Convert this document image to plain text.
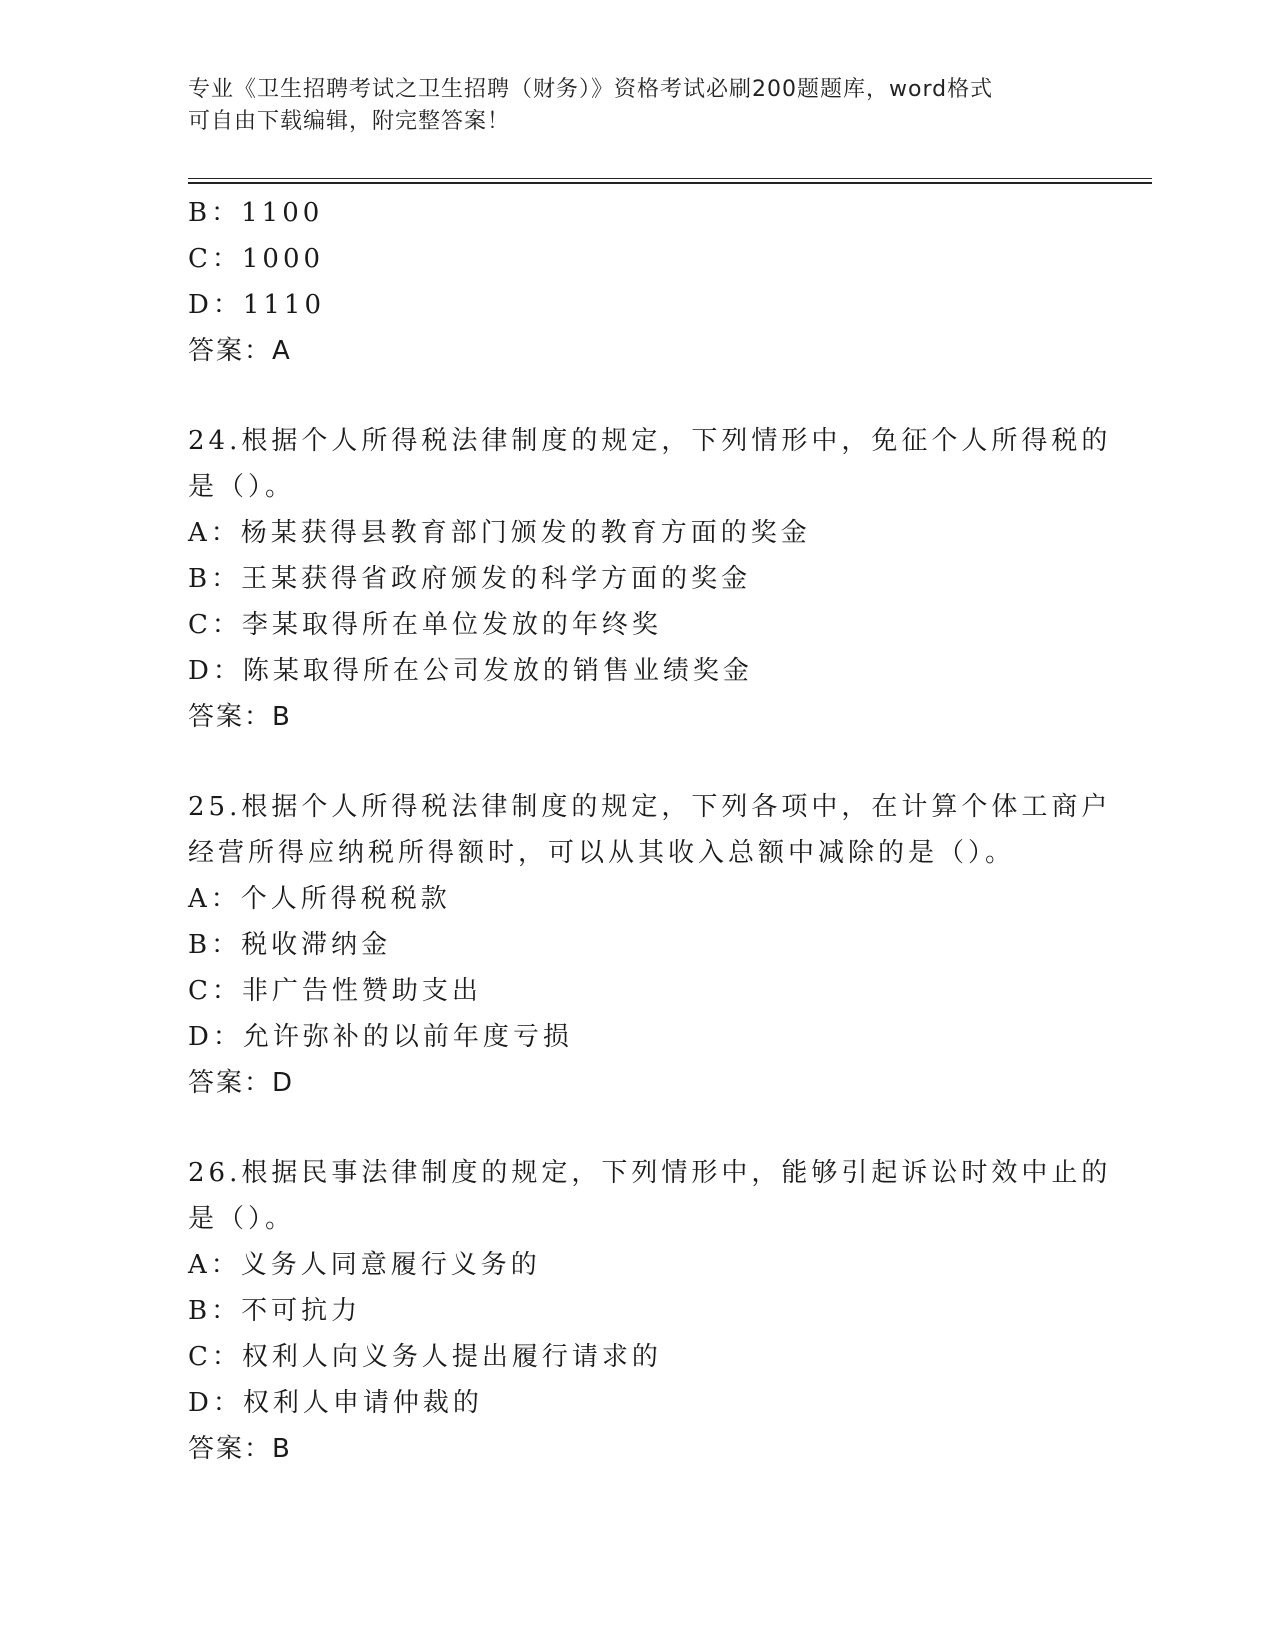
专业《卫生招聘考试之卫生招聘（财务）》资格考试必刷200题题库，word格式
可自由下载编辑，附完整答案！
B：1100
C：1000
D：1110
答案：A
24.根据个人所得税法律制度的规定，下列情形中，免征个人所得税的
是（）。
A：杨某获得县教育部门颁发的教育方面的奖金
B：王某获得省政府颁发的科学方面的奖金
C：李某取得所在单位发放的年终奖
D：陈某取得所在公司发放的销售业绩奖金
答案：B
25.根据个人所得税法律制度的规定，下列各项中，在计算个体工商户
经营所得应纳税所得额时，可以从其收入总额中减除的是（）。
A：个人所得税税款
B：税收滞纳金
C：非广告性赞助支出
D：允许弥补的以前年度亏损
答案：D
26.根据民事法律制度的规定，下列情形中，能够引起诉讼时效中止的
是（）。
A：义务人同意履行义务的
B：不可抗力
C：权利人向义务人提出履行请求的
D：权利人申请仲裁的
答案：B
